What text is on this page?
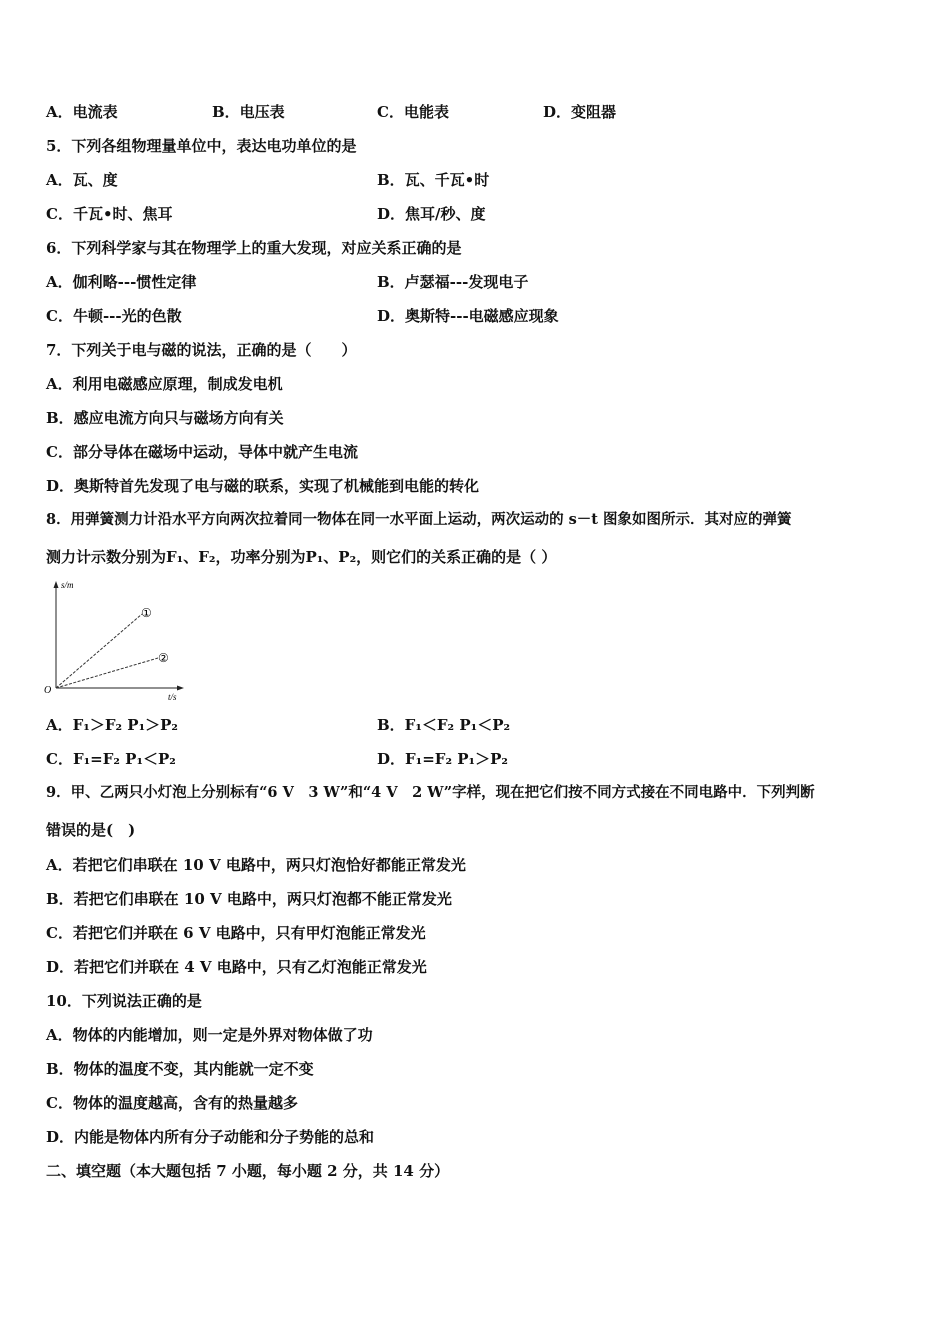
A．电流表	B．电压表	C．电能表	D．变阻器
5．下列各组物理量单位中，表达电功单位的是
A．瓦、度	B．瓦、千瓦•时
C．千瓦•时、焦耳	D．焦耳/秒、度
6．下列科学家与其在物理学上的重大发现，对应关系正确的是
A．伽利略---惯性定律	B．卢瑟福---发现电子
C．牛顿---光的色散	D．奥斯特---电磁感应现象
7．下列关于电与磁的说法，正确的是（　　）
A．利用电磁感应原理，制成发电机
B．感应电流方向只与磁场方向有关
C．部分导体在磁场中运动，导体中就产生电流
D．奥斯特首先发现了电与磁的联系，实现了机械能到电能的转化
8．用弹簧测力计沿水平方向两次拉着同一物体在同一水平面上运动，两次运动的 s－t 图象如图所示．其对应的弹簧
测力计示数分别为F₁、F₂，功率分别为P₁、P₂，则它们的关系正确的是（ ）
s/m
t/s
O
①
②
A．F₁＞F₂ P₁＞P₂	B．F₁＜F₂ P₁＜P₂
C．F₁=F₂ P₁＜P₂	D．F₁=F₂ P₁＞P₂
9．甲、乙两只小灯泡上分别标有“6 V　3 W”和“4 V　2 W”字样，现在把它们按不同方式接在不同电路中．下列判断
错误的是(　)
A．若把它们串联在 10 V 电路中，两只灯泡恰好都能正常发光
B．若把它们串联在 10 V 电路中，两只灯泡都不能正常发光
C．若把它们并联在 6 V 电路中，只有甲灯泡能正常发光
D．若把它们并联在 4 V 电路中，只有乙灯泡能正常发光
10．下列说法正确的是
A．物体的内能增加，则一定是外界对物体做了功
B．物体的温度不变，其内能就一定不变
C．物体的温度越高，含有的热量越多
D．内能是物体内所有分子动能和分子势能的总和
二、填空题（本大题包括 7 小题，每小题 2 分，共 14 分）
